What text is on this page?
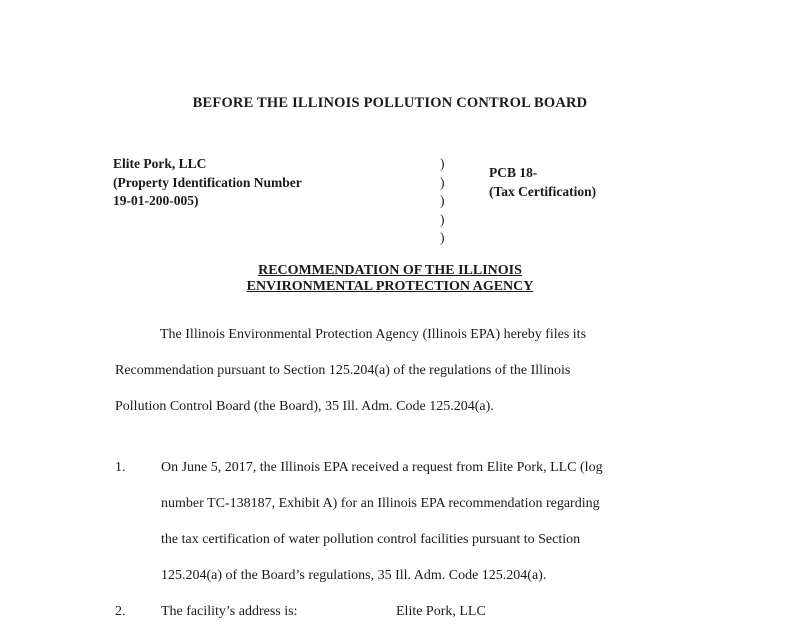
BEFORE THE ILLINOIS POLLUTION CONTROL BOARD
Elite Pork, LLC
(Property Identification Number
19-01-200-005)
)
)
)
)
)
PCB 18-
(Tax Certification)
RECOMMENDATION OF THE ILLINOIS
ENVIRONMENTAL PROTECTION AGENCY
The Illinois Environmental Protection Agency (Illinois EPA) hereby files its
Recommendation pursuant to Section 125.204(a) of the regulations of the Illinois
Pollution Control Board (the Board), 35 Ill. Adm. Code 125.204(a).
1.	On June 5, 2017, the Illinois EPA received a request from Elite Pork, LLC (log
number TC-138187, Exhibit A) for an Illinois EPA recommendation regarding
the tax certification of water pollution control facilities pursuant to Section
125.204(a) of the Board’s regulations, 35 Ill. Adm. Code 125.204(a).
2.	The facility’s address is:	Elite Pork, LLC
